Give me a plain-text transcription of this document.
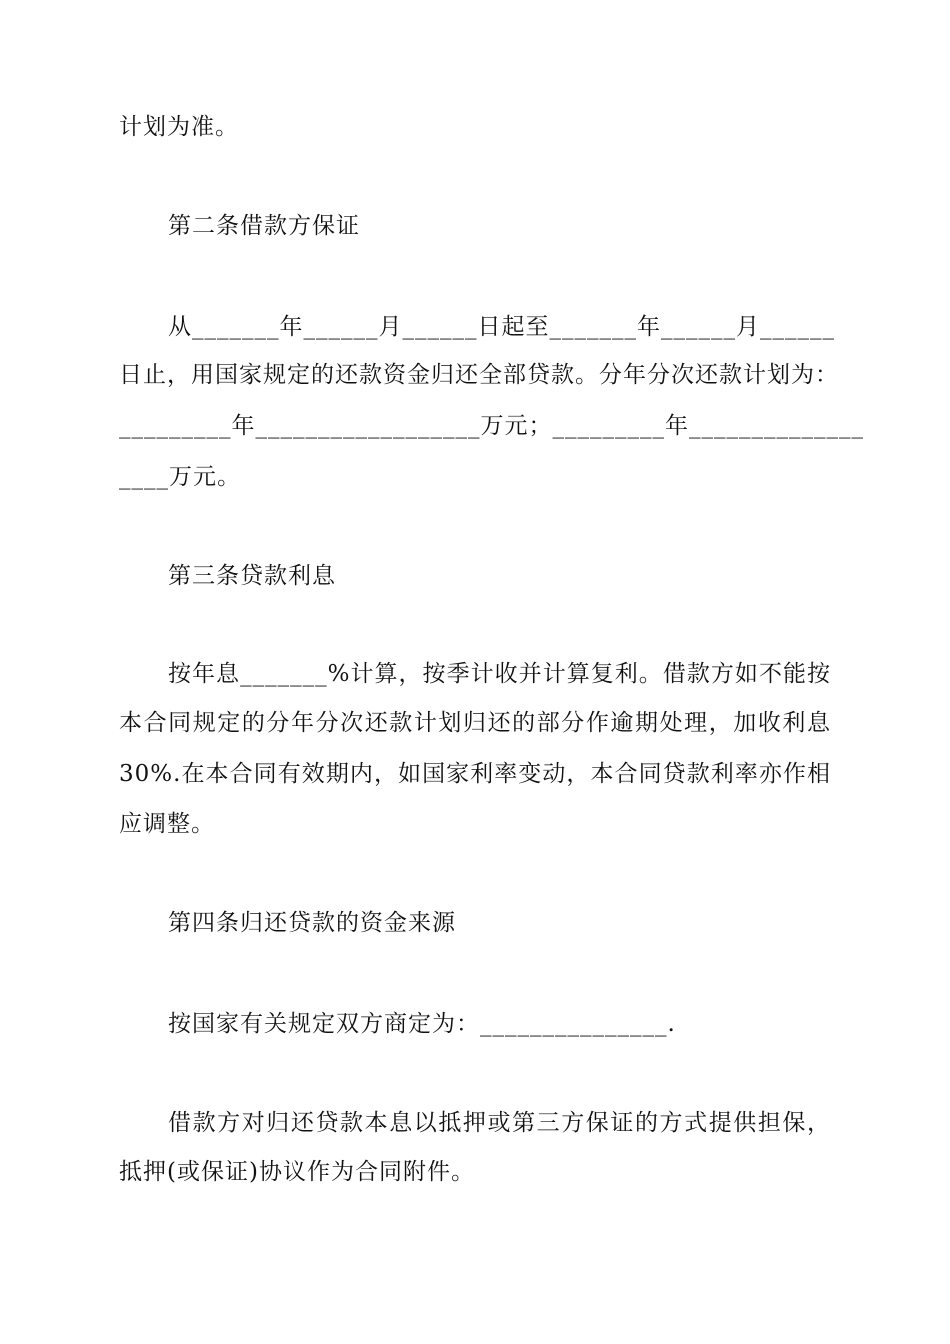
计划为准。
第二条借款方保证
从_______年______月______日起至_______年______月______
日止，用国家规定的还款资金归还全部贷款。分年分次还款计划为：
_________年__________________万元；_________年______________
____万元。
第三条贷款利息
按年息_______%计算，按季计收并计算复利。借款方如不能按
本合同规定的分年分次还款计划归还的部分作逾期处理，加收利息
30%.在本合同有效期内，如国家利率变动，本合同贷款利率亦作相
应调整。
第四条归还贷款的资金来源
按国家有关规定双方商定为：_______________.
借款方对归还贷款本息以抵押或第三方保证的方式提供担保，
抵押(或保证)协议作为合同附件。
